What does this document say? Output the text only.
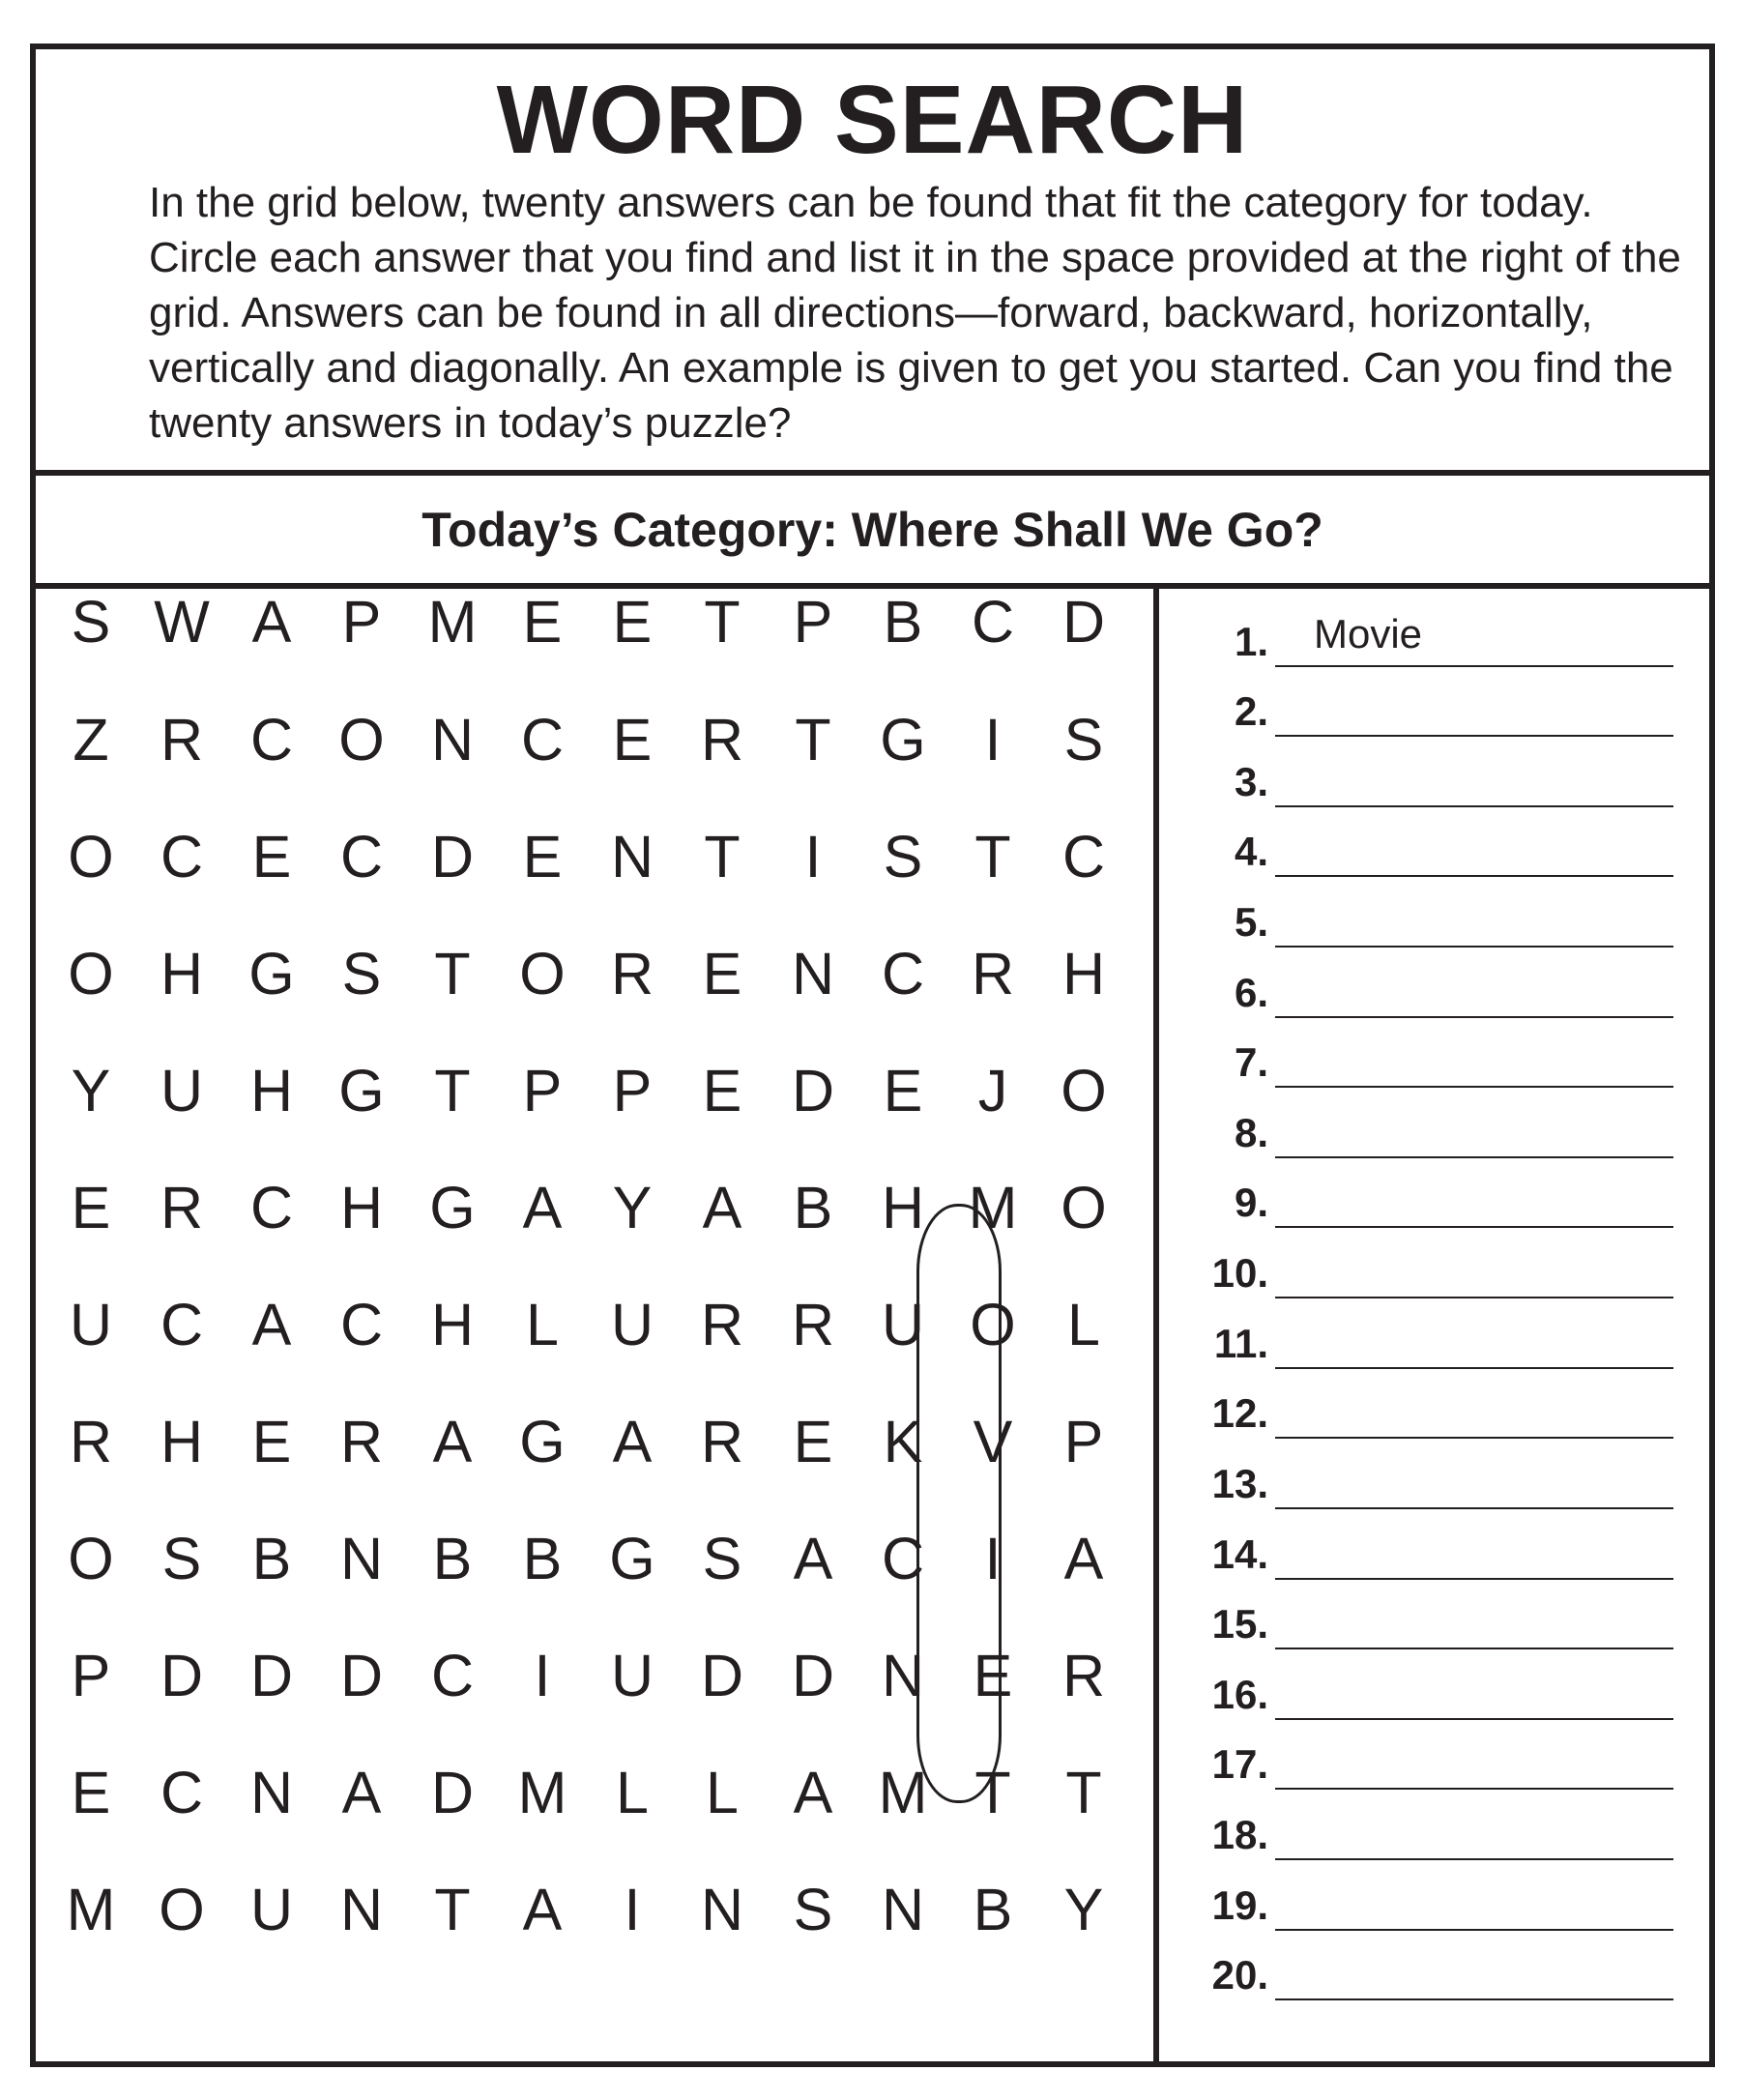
WORD SEARCH

In the grid below, twenty answers can be found that fit the category for today. Circle each answer that you find and list it in the space provided at the right of the grid. Answers can be found in all directions—forward, backward, horizontally, vertically and diagonally. An example is given to get you started. Can you find the twenty answers in today’s puzzle?

Today’s Category: Where Shall We Go?
S W A P M E E T P B C D
Z R C O N C E R T G I	S
O C E C D E N T	I	S T C
O H G S T O R E N C R H
Y U H G T P P E D E J O
E R C H G A Y A B H M O
U C A C H L U R R U O L
R H E R A G A R E K V P
O S B N B B G S A C	I	A
P D D D C	I	U D D N E R
E C N A D M L L A M T T
M O U N T A	I	N S N B Y
1. Movie
2.
3.
4.
5.
6.
7.
8.
9.
10.
11.
12.
13.
14.
15.
16.
17.
18.
19.
20.
